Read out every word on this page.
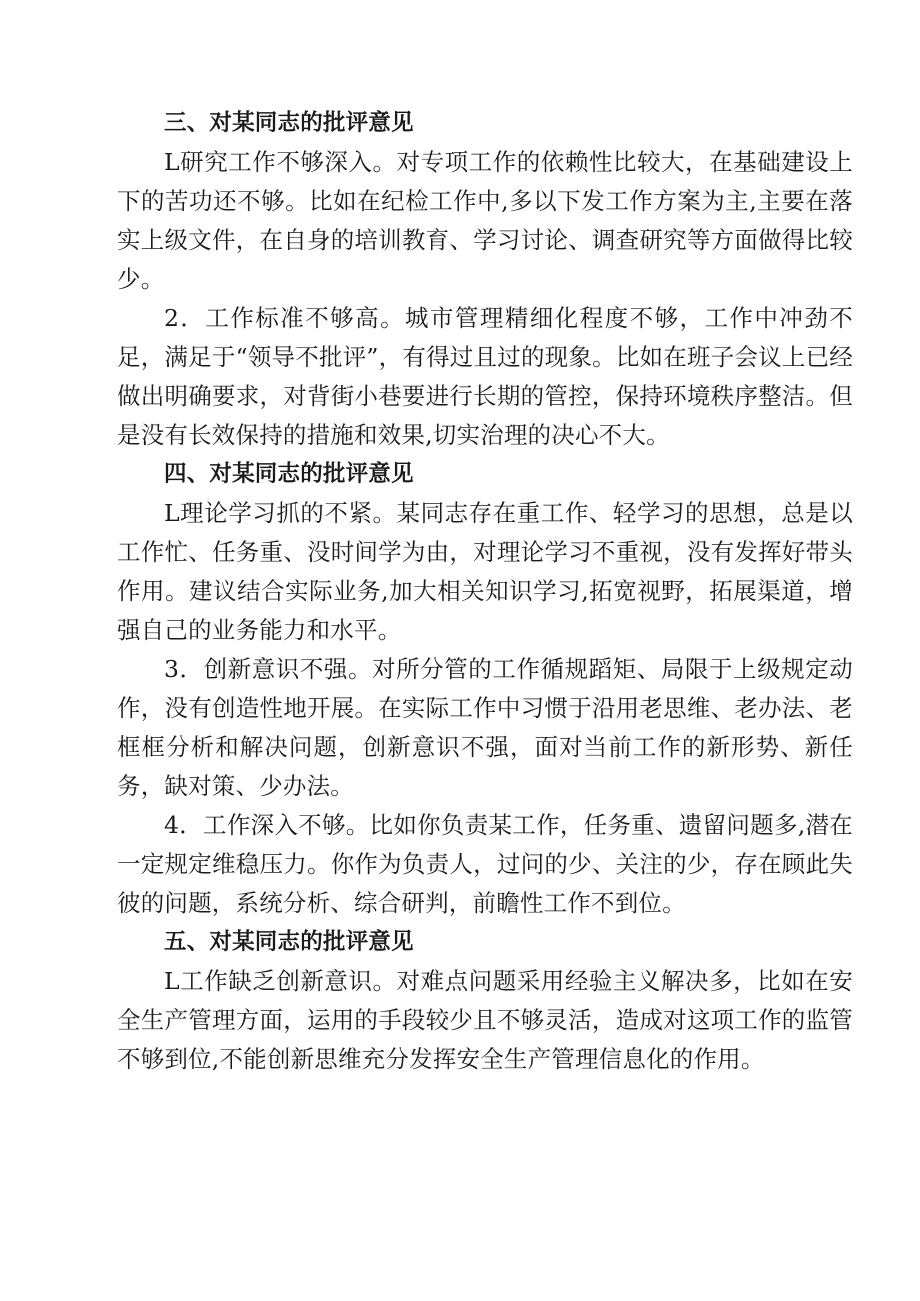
三、对某同志的批评意见

L研究工作不够深入。对专项工作的依赖性比较大，在基础建设上下的苦功还不够。比如在纪检工作中,多以下发工作方案为主,主要在落实上级文件，在自身的培训教育、学习讨论、调查研究等方面做得比较少。

2．工作标准不够高。城市管理精细化程度不够，工作中冲劲不足，满足于“领导不批评”，有得过且过的现象。比如在班子会议上已经做出明确要求，对背街小巷要进行长期的管控，保持环境秩序整洁。但是没有长效保持的措施和效果,切实治理的决心不大。

四、对某同志的批评意见

L理论学习抓的不紧。某同志存在重工作、轻学习的思想，总是以工作忙、任务重、没时间学为由，对理论学习不重视，没有发挥好带头作用。建议结合实际业务,加大相关知识学习,拓宽视野，拓展渠道，增强自己的业务能力和水平。

3．创新意识不强。对所分管的工作循规蹈矩、局限于上级规定动作，没有创造性地开展。在实际工作中习惯于沿用老思维、老办法、老框框分析和解决问题，创新意识不强，面对当前工作的新形势、新任务，缺对策、少办法。

4．工作深入不够。比如你负责某工作，任务重、遗留问题多,潜在一定规定维稳压力。你作为负责人，过问的少、关注的少，存在顾此失彼的问题，系统分析、综合研判，前瞻性工作不到位。

五、对某同志的批评意见

L工作缺乏创新意识。对难点问题采用经验主义解决多，比如在安全生产管理方面，运用的手段较少且不够灵活，造成对这项工作的监管不够到位,不能创新思维充分发挥安全生产管理信息化的作用。
